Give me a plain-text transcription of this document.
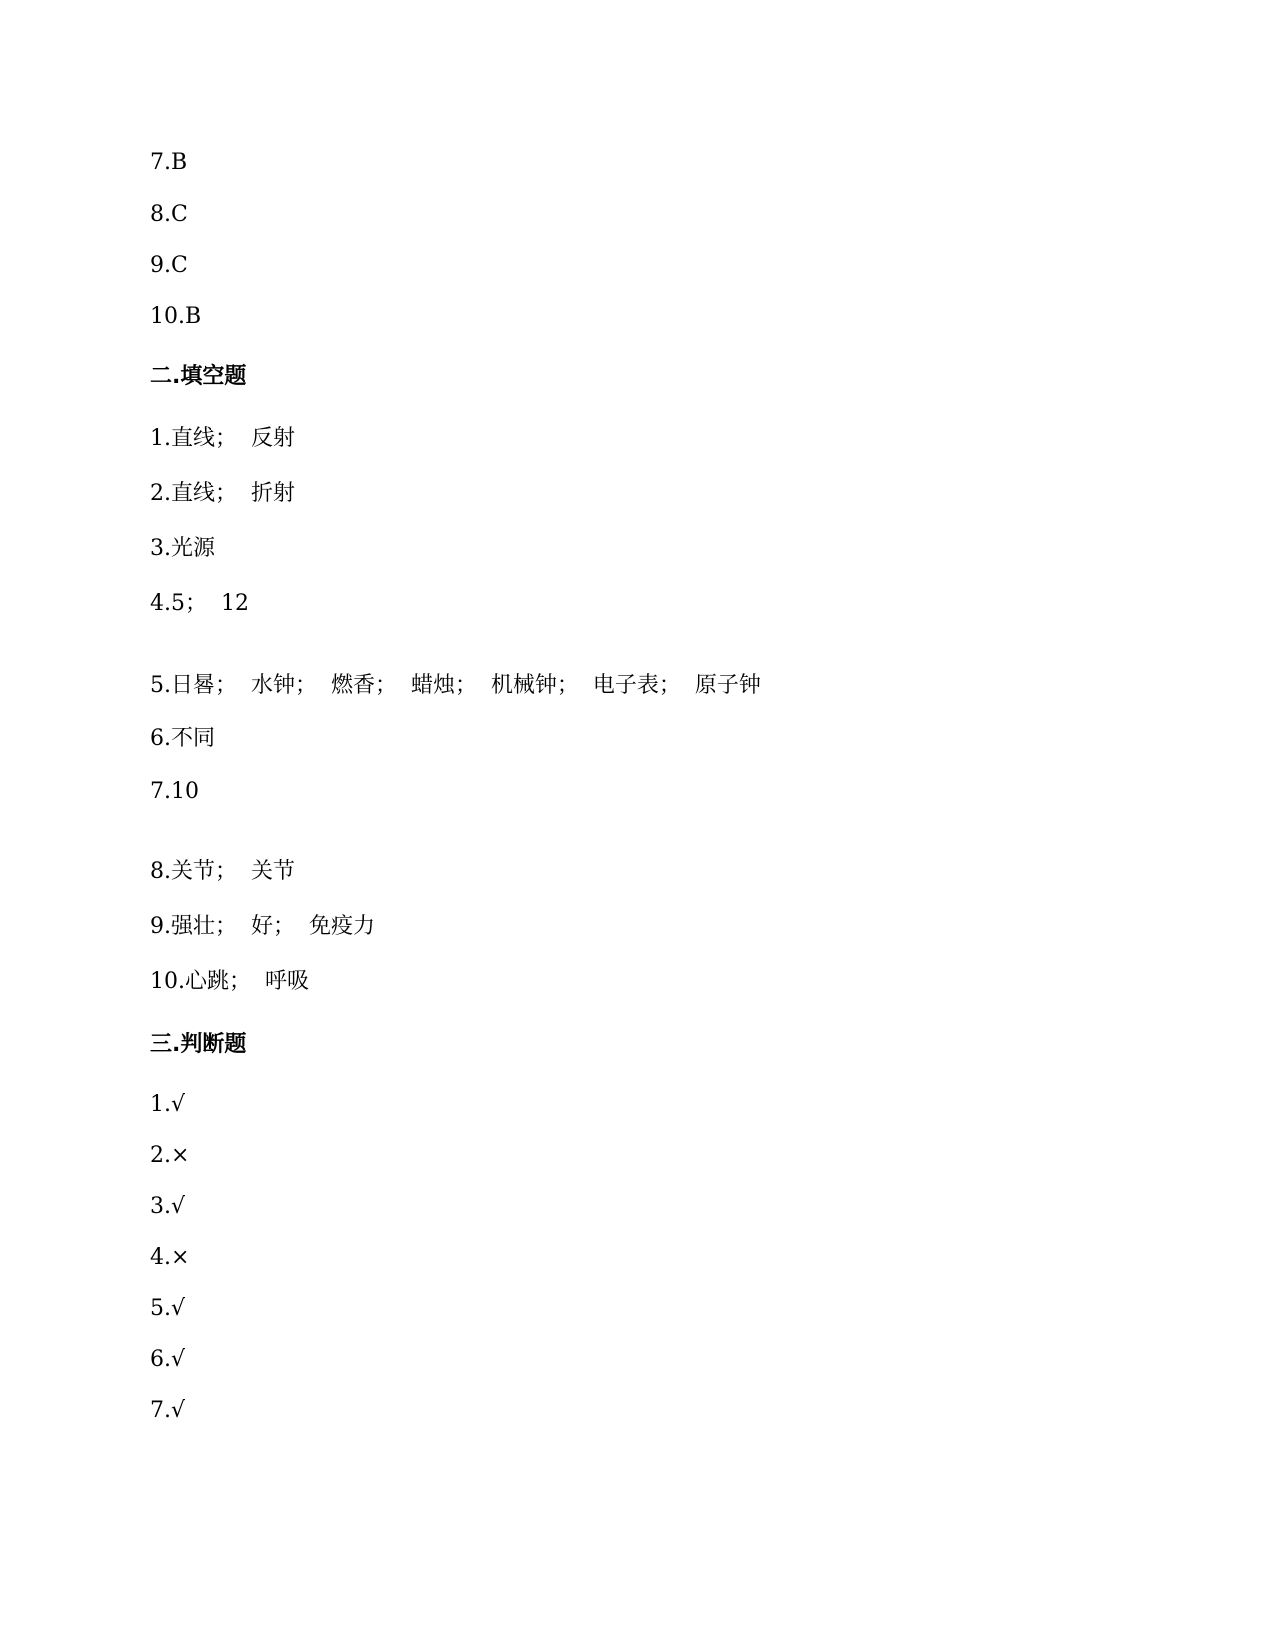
7.B
8.C
9.C
10.B
二.填空题
1.直线；  反射
2.直线；  折射
3.光源
4.5；  12
5.日晷；  水钟；  燃香；  蜡烛；  机械钟；  电子表；  原子钟
6.不同
7.10
8.关节；  关节
9.强壮；  好；  免疫力
10.心跳；  呼吸
三.判断题
1.√
2.×
3.√
4.×
5.√
6.√
7.√
